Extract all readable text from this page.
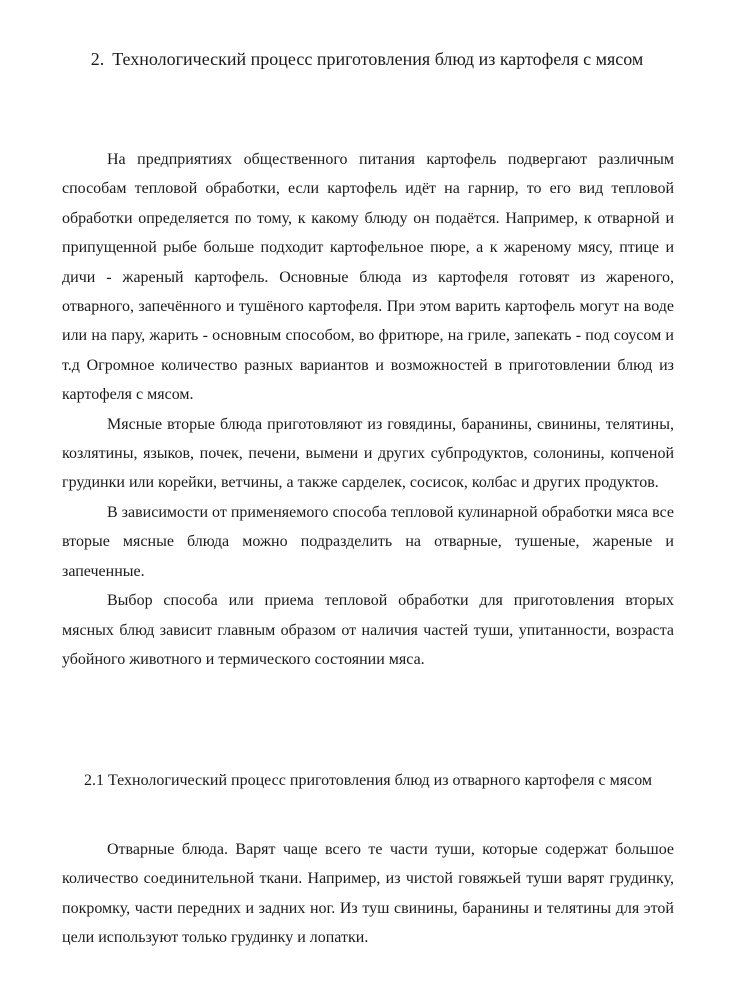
2. Технологический процесс приготовления блюд из картофеля с мясом

На предприятиях общественного питания картофель подвергают различным способам тепловой обработки, если картофель идёт на гарнир, то его вид тепловой обработки определяется по тому, к какому блюду он подаётся. Например, к отварной и припущенной рыбе больше подходит картофельное пюре, а к жареному мясу, птице и дичи - жареный картофель. Основные блюда из картофеля готовят из жареного, отварного, запечённого и тушёного картофеля. При этом варить картофель могут на воде или на пару, жарить - основным способом, во фритюре, на гриле, запекать - под соусом и т.д Огромное количество разных вариантов и возможностей в приготовлении блюд из картофеля с мясом.

Мясные вторые блюда приготовляют из говядины, баранины, свинины, телятины, козлятины, языков, почек, печени, вымени и других субпродуктов, солонины, копченой грудинки или корейки, ветчины, а также сарделек, сосисок, колбас и других продуктов.

В зависимости от применяемого способа тепловой кулинарной обработки мяса все вторые мясные блюда можно подразделить на отварные, тушеные, жареные и запеченные.

Выбор способа или приема тепловой обработки для приготовления вторых мясных блюд зависит главным образом от наличия частей туши, упитанности, возраста убойного животного и термического состоянии мяса.

2.1 Технологический процесс приготовления блюд из отварного картофеля с мясом

Отварные блюда. Варят чаще всего те части туши, которые содержат большое количество соединительной ткани. Например, из чистой говяжьей туши варят грудинку, покромку, части передних и задних ног. Из туш свинины, баранины и телятины для этой цели используют только грудинку и лопатки.
